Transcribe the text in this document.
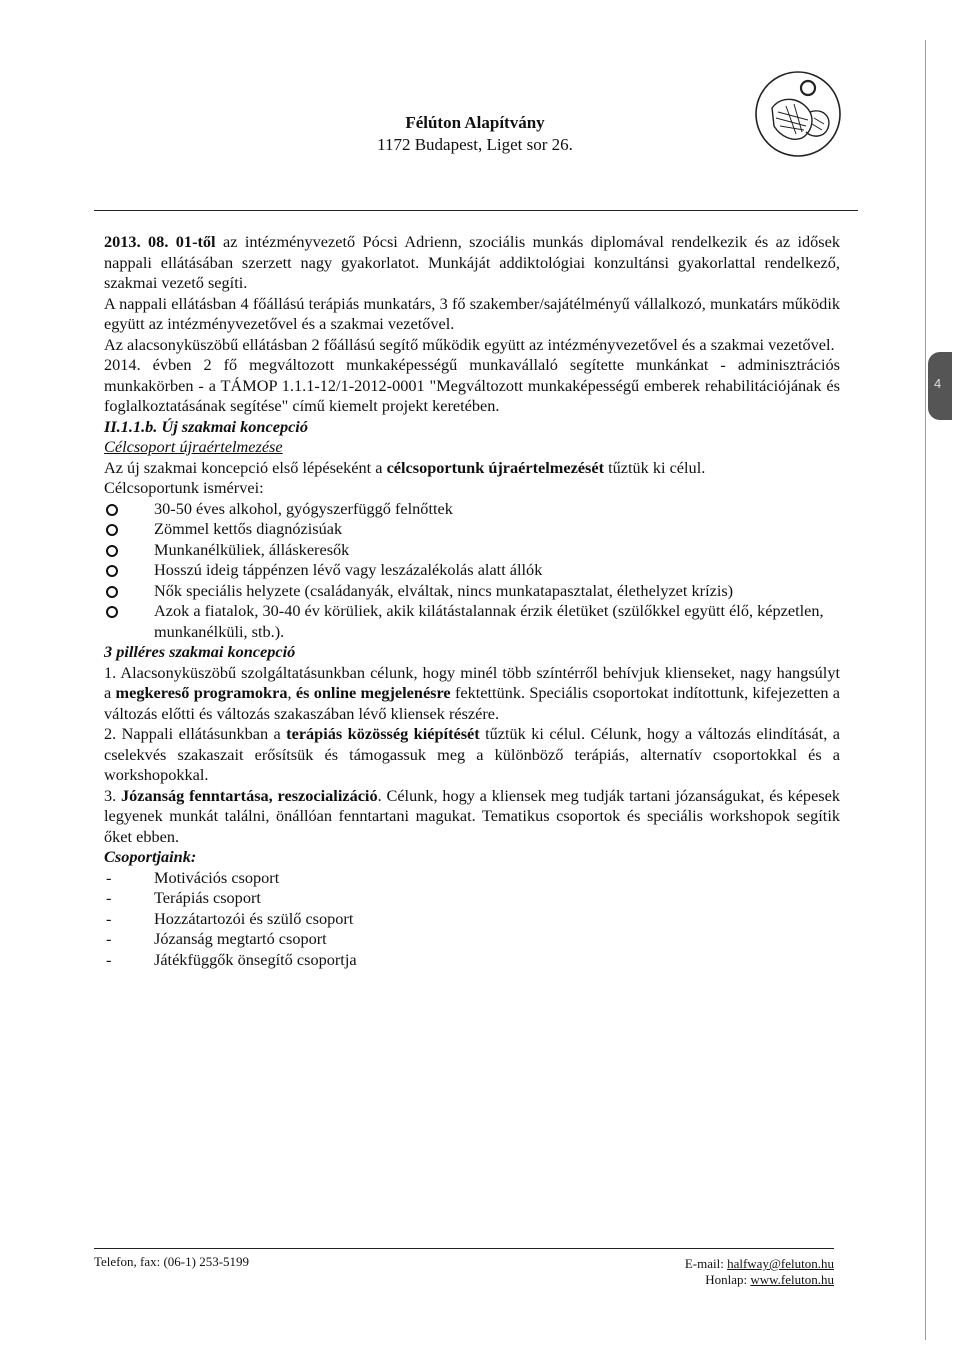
Félúton Alapítvány
1172 Budapest, Liget sor 26.
4

2013. 08. 01-től az intézményvezető Pócsi Adrienn, szociális munkás diplomával rendelkezik és az idősek nappali ellátásában szerzett nagy gyakorlatot. Munkáját addiktológiai konzultánsi gyakorlattal rendelkező, szakmai vezető segíti.

A nappali ellátásban 4 főállású terápiás munkatárs, 3 fő szakember/sajátélményű vállalkozó, munkatárs működik együtt az intézményvezetővel és a szakmai vezetővel.

Az alacsonyküszöbű ellátásban 2 főállású segítő működik együtt az intézményvezetővel és a szakmai vezetővel.

2014. évben 2 fő megváltozott munkaképességű munkavállaló segítette munkánkat - adminisztrációs munkakörben - a TÁMOP 1.1.1-12/1-2012-0001 "Megváltozott munkaképességű emberek rehabilitációjának és foglalkoztatásának segítése" című kiemelt projekt keretében.

II.1.1.b. Új szakmai koncepció

Célcsoport újraértelmezése

Az új szakmai koncepció első lépéseként a célcsoportunk újraértelmezését tűztük ki célul.

Célcsoportunk ismérvei:

30-50 éves alkohol, gyógyszerfüggő felnőttek
Zömmel kettős diagnózisúak
Munkanélküliek, álláskeresők
Hosszú ideig táppénzen lévő vagy leszázalékolás alatt állók
Nők speciális helyzete (családanyák, elváltak, nincs munkatapasztalat, élethelyzet krízis)
Azok a fiatalok, 30-40 év körüliek, akik kilátástalannak érzik életüket (szülőkkel együtt élő, képzetlen, munkanélküli, stb.).

3 pilléres szakmai koncepció

1. Alacsonyküszöbű szolgáltatásunkban célunk, hogy minél több színtérről behívjuk klienseket, nagy hangsúlyt a megkereső programokra, és online megjelenésre fektettünk. Speciális csoportokat indítottunk, kifejezetten a változás előtti és változás szakaszában lévő kliensek részére.

2. Nappali ellátásunkban a terápiás közösség kiépítését tűztük ki célul. Célunk, hogy a változás elindítását, a cselekvés szakaszait erősítsük és támogassuk meg a különböző terápiás, alternatív csoportokkal és a workshopokkal.

3. Józanság fenntartása, reszocializáció. Célunk, hogy a kliensek meg tudják tartani józanságukat, és képesek legyenek munkát találni, önállóan fenntartani magukat. Tematikus csoportok és speciális workshopok segítik őket ebben.

Csoportjaink:

-	Motivációs csoport
-	Terápiás csoport
-	Hozzátartozói és szülő csoport
-	Józanság megtartó csoport
-	Játékfüggők önsegítő csoportja
Telefon, fax: (06-1) 253-5199	E-mail: halfway@feluton.hu
Honlap: www.feluton.hu
